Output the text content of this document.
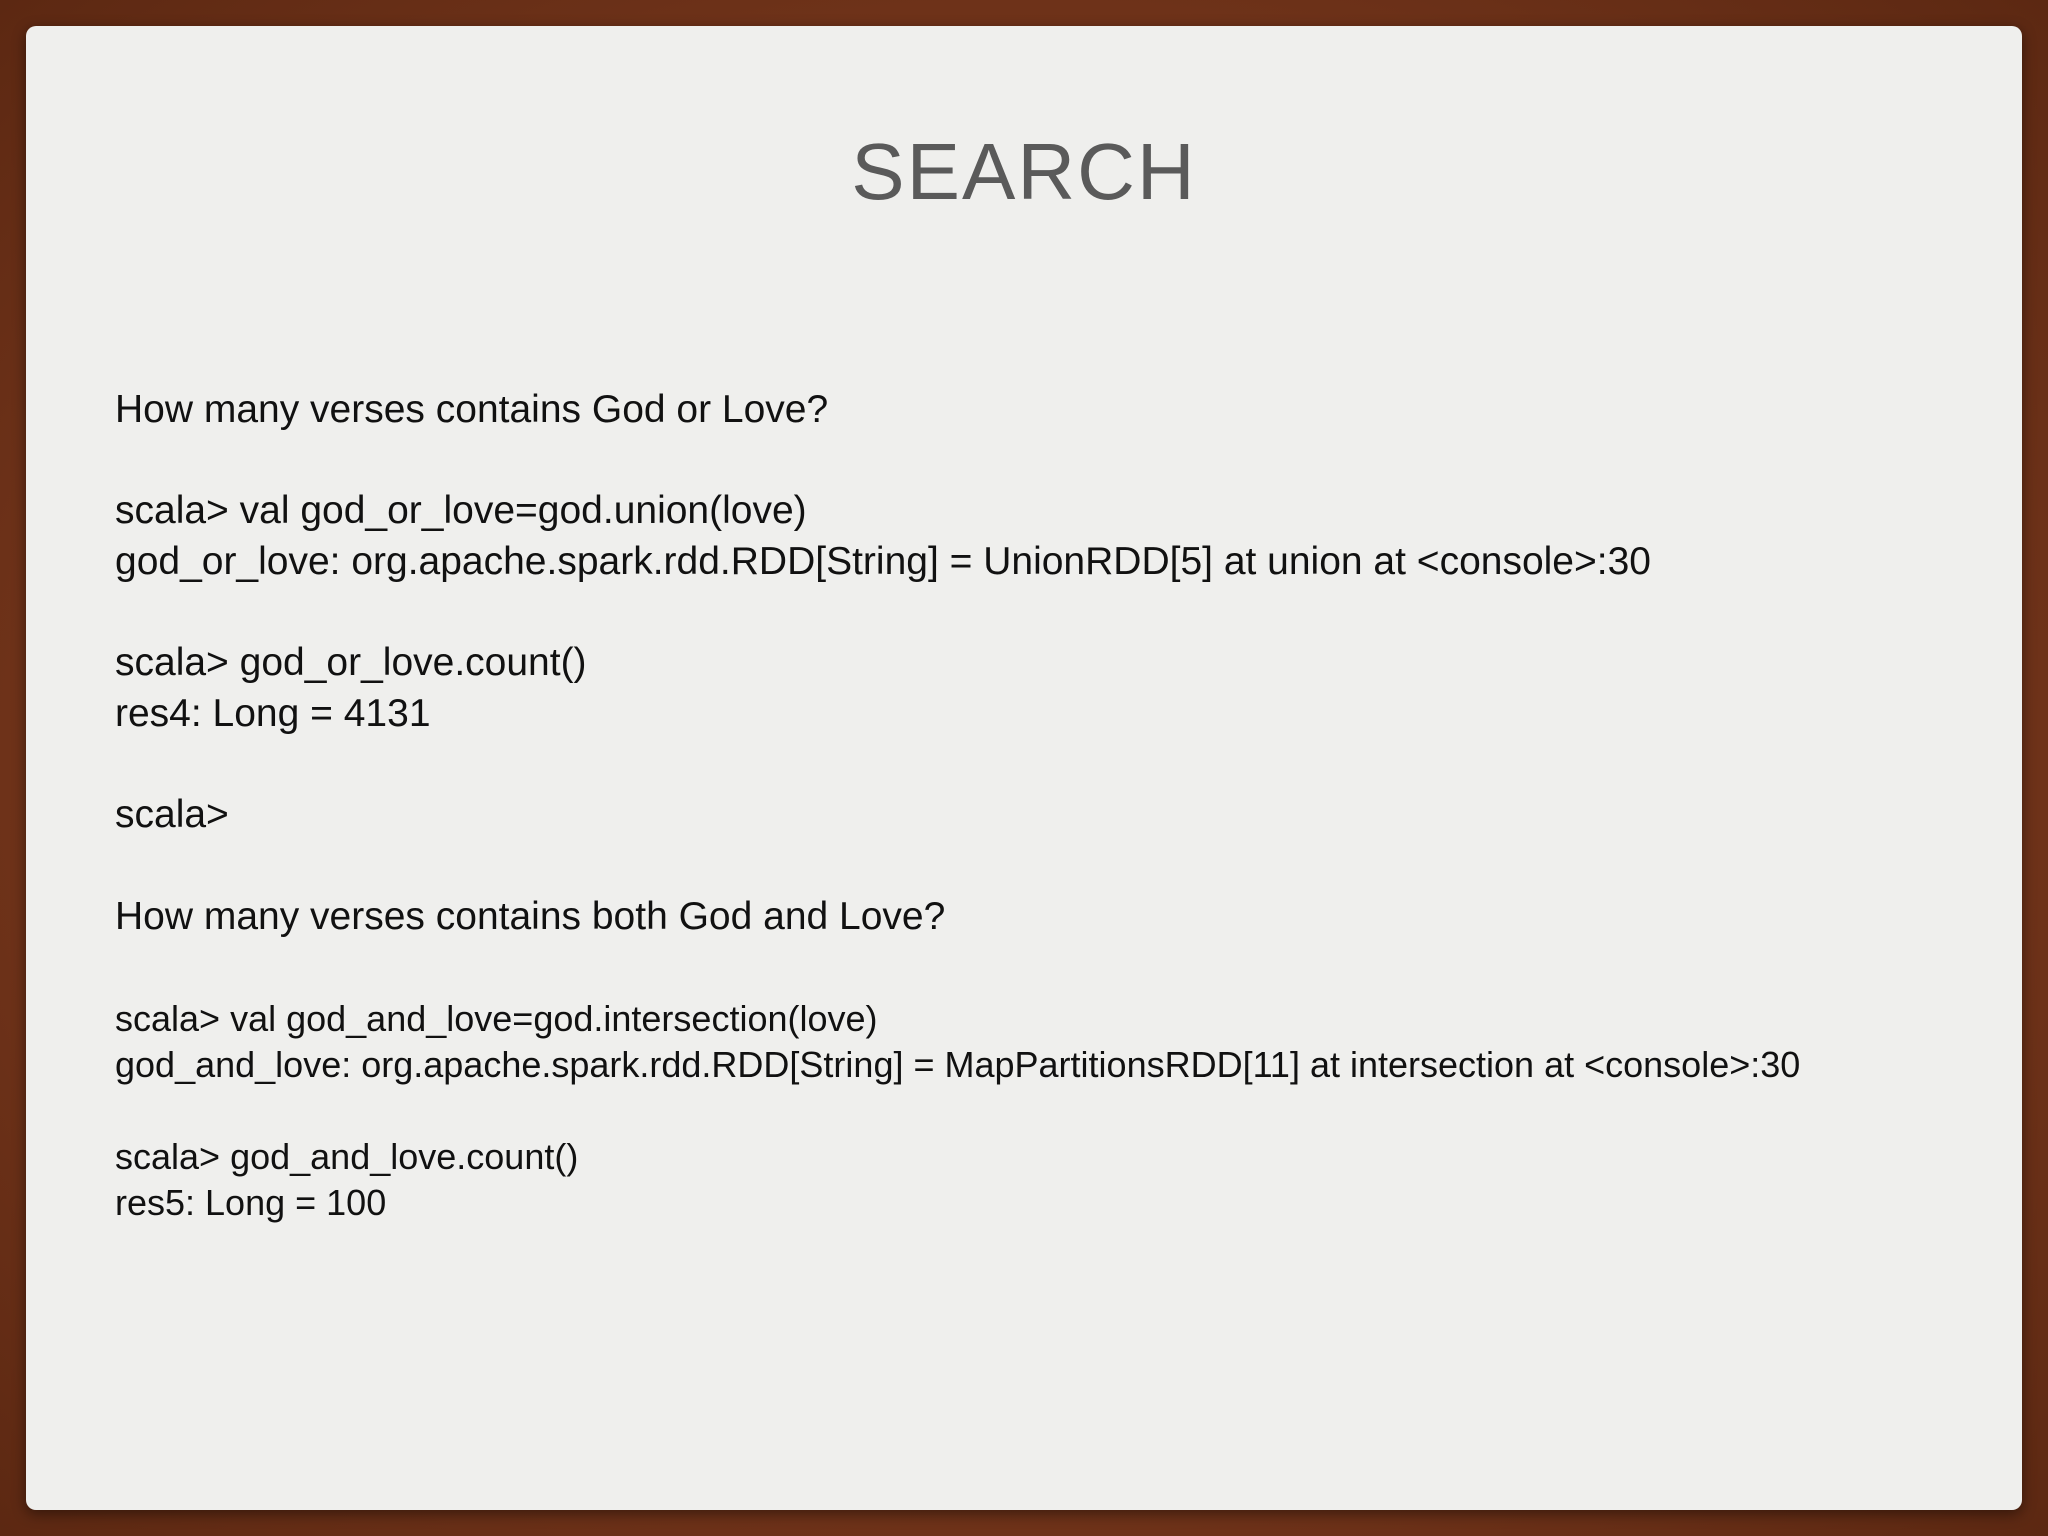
SEARCH
How many verses contains God or Love?
scala> val god_or_love=god.union(love)
god_or_love: org.apache.spark.rdd.RDD[String] = UnionRDD[5] at union at <console>:30
scala> god_or_love.count()
res4: Long = 4131
scala>
How many verses contains both God and Love?
scala> val god_and_love=god.intersection(love)
god_and_love: org.apache.spark.rdd.RDD[String] = MapPartitionsRDD[11] at intersection at <console>:30
scala> god_and_love.count()
res5: Long = 100
